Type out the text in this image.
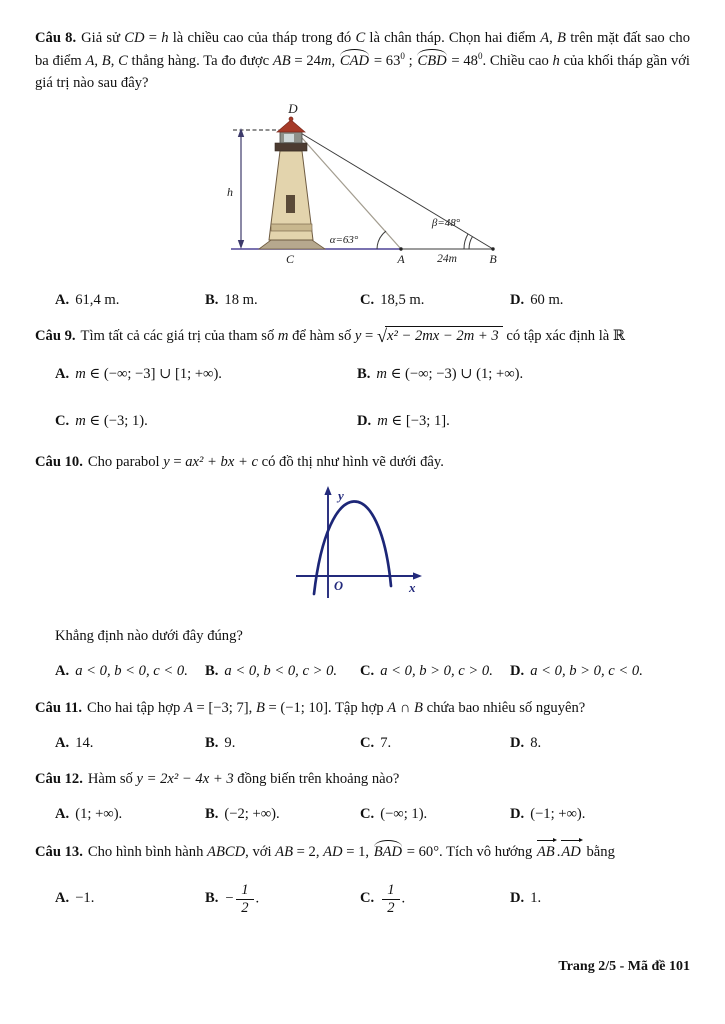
Câu 8. Giả sử CD = h là chiều cao của tháp trong đó C là chân tháp. Chọn hai điểm A, B trên mặt đất sao cho ba điểm A, B, C thẳng hàng. Ta đo được AB = 24m, CAD = $63^0$ ; CBD = $48^0$. Chiều cao h của khối tháp gần với giá trị nào sau đây?

D
h
C	A	B
α=63°
β=48°
24m
A. 61,4 m.	B. 18 m.	C. 18,5 m.	D. 60 m.

Câu 9. Tìm tất cả các giá trị của tham số m để hàm số y = √x² − 2mx − 2m + 3 có tập xác định là ℝ

A. m ∈ (−∞; −3] ∪ [1; +∞).	B. m ∈ (−∞; −3) ∪ (1; +∞).
C. m ∈ (−3; 1).	D. m ∈ [−3; 1].

Câu 10. Cho parabol y = ax² + bx + c có đồ thị như hình vẽ dưới đây.

y
x
O

Khẳng định nào dưới đây đúng?

A. a < 0, b < 0, c < 0. B. a < 0, b < 0, c > 0. C. a < 0, b > 0, c > 0. D. a < 0, b > 0, c < 0.

Câu 11. Cho hai tập hợp A = [−3; 7], B = (−1; 10]. Tập hợp A ∩ B chứa bao nhiêu số nguyên?

A. 14.	B. 9.	C. 7.	D. 8.

Câu 12. Hàm số y = 2x² − 4x + 3 đồng biến trên khoảng nào?

A. (1; +∞).	B. (−2; +∞).	C. (−∞; 1).	D. (−1; +∞).

Câu 13. Cho hình bình hành ABCD, với AB = 2, AD = 1, BAD = 60°. Tích vô hướng AB .AD bằng

A. −1.	B. − $\frac{1}{2}$ .	C. $\frac{1}{2}$ .	D. 1.
Trang 2/5 - Mã đề 101
